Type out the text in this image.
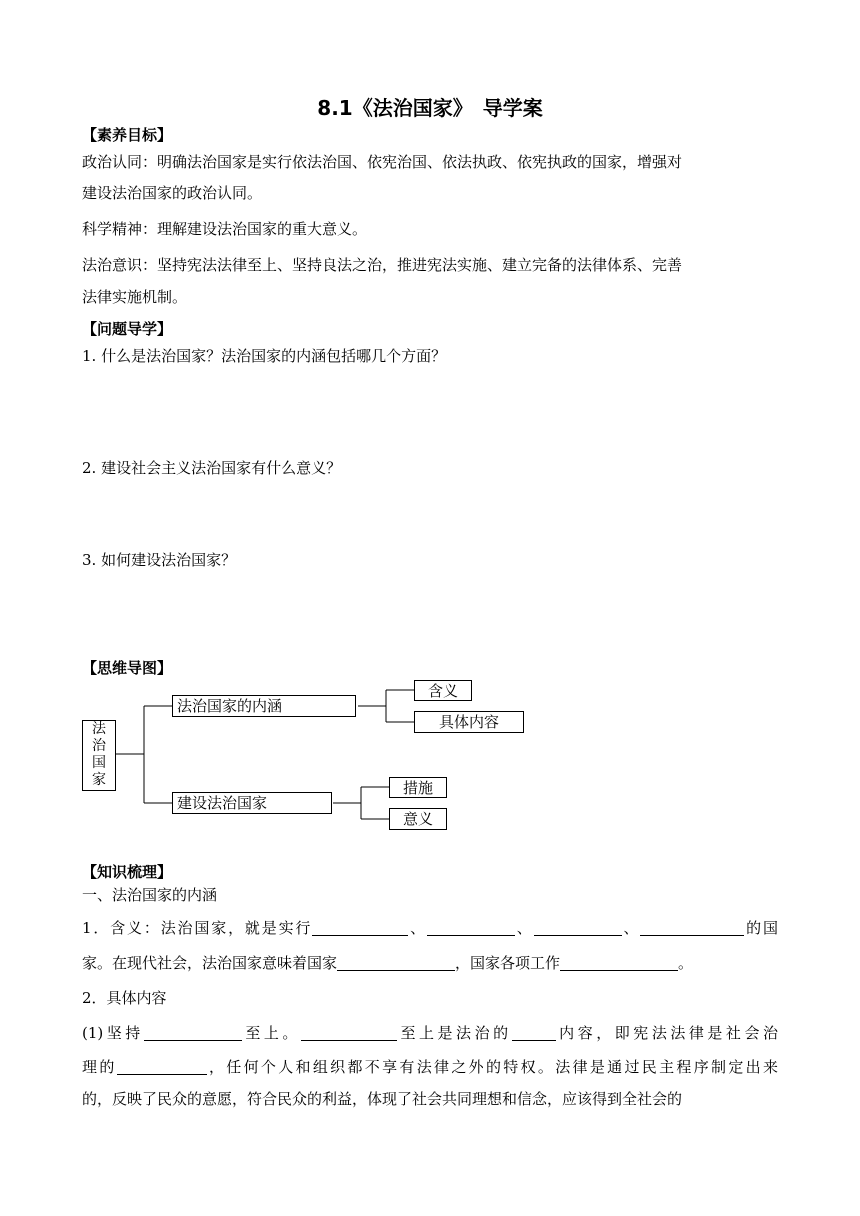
8.1《法治国家》　导学案
【素养目标】
政治认同：明确法治国家是实行依法治国、依宪治国、依法执政、依宪执政的国家，增强对
建设法治国家的政治认同。
科学精神：理解建设法治国家的重大意义。
法治意识：坚持宪法法律至上、坚持良法之治，推进宪法实施、建立完备的法律体系、完善
法律实施机制。
【问题导学】
1. 什么是法治国家？法治国家的内涵包括哪几个方面？
2. 建设社会主义法治国家有什么意义？
3. 如何建设法治国家？
【思维导图】
法
治
国
家
法治国家的内涵
含义
具体内容
建设法治国家
措施
意义
【知识梳理】
一、法治国家的内涵
1．含义：法治国家，就是实行	、	、	、	的国
家。在现代社会，法治国家意味着国家	，国家各项工作	。
2．具体内容
(1)坚持	至上。	至上是法治的	内容，即宪法法律是社会治
理的	，任何个人和组织都不享有法律之外的特权。法律是通过民主程序制定出来
的，反映了民众的意愿，符合民众的利益，体现了社会共同理想和信念，应该得到全社会的
